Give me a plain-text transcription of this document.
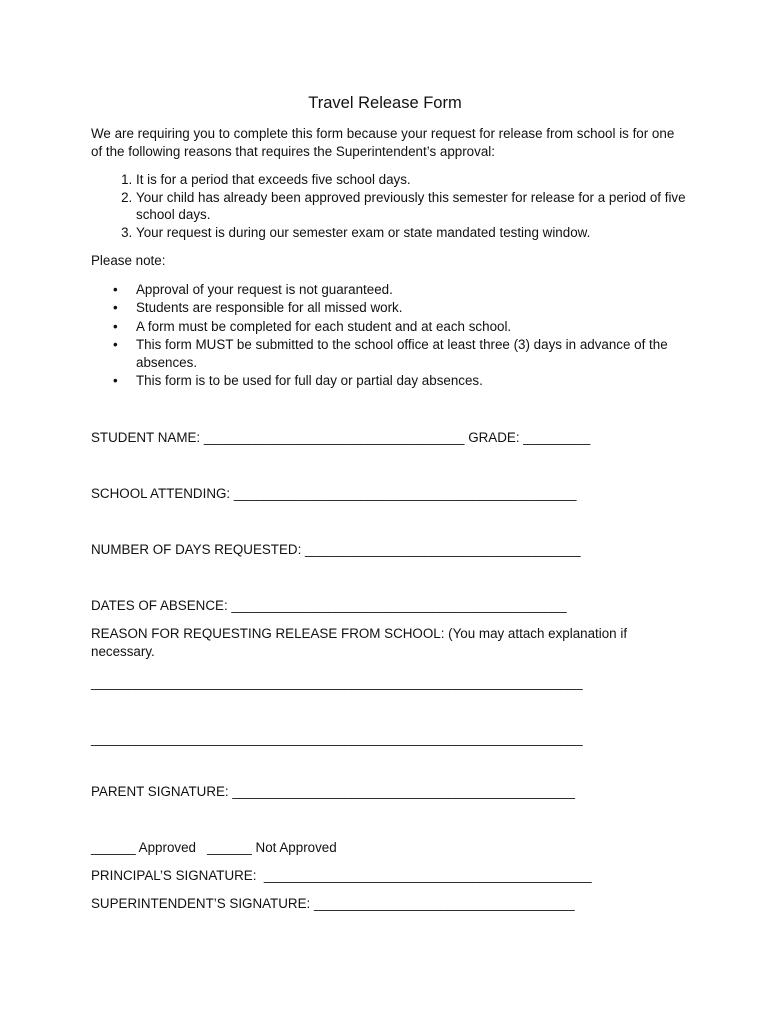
Travel Release Form
We are requiring you to complete this form because your request for release from school is for one of the following reasons that requires the Superintendent’s approval:
1. It is for a period that exceeds five school days.
2. Your child has already been approved previously this semester for release for a period of five school days.
3. Your request is during our semester exam or state mandated testing window.
Please note:
• Approval of your request is not guaranteed.
• Students are responsible for all missed work.
• A form must be completed for each student and at each school.
• This form MUST be submitted to the school office at least three (3) days in advance of the absences.
• This form is to be used for full day or partial day absences.
STUDENT NAME: ___________________________________ GRADE: _________
SCHOOL ATTENDING: ______________________________________________
NUMBER OF DAYS REQUESTED: _____________________________________
DATES OF ABSENCE: _____________________________________________
REASON FOR REQUESTING RELEASE FROM SCHOOL: (You may attach explanation if necessary.
__________________________________________________________________
__________________________________________________________________
PARENT SIGNATURE: ______________________________________________
______ Approved   ______ Not Approved
PRINCIPAL’S SIGNATURE:  ____________________________________________
SUPERINTENDENT’S SIGNATURE: ___________________________________
